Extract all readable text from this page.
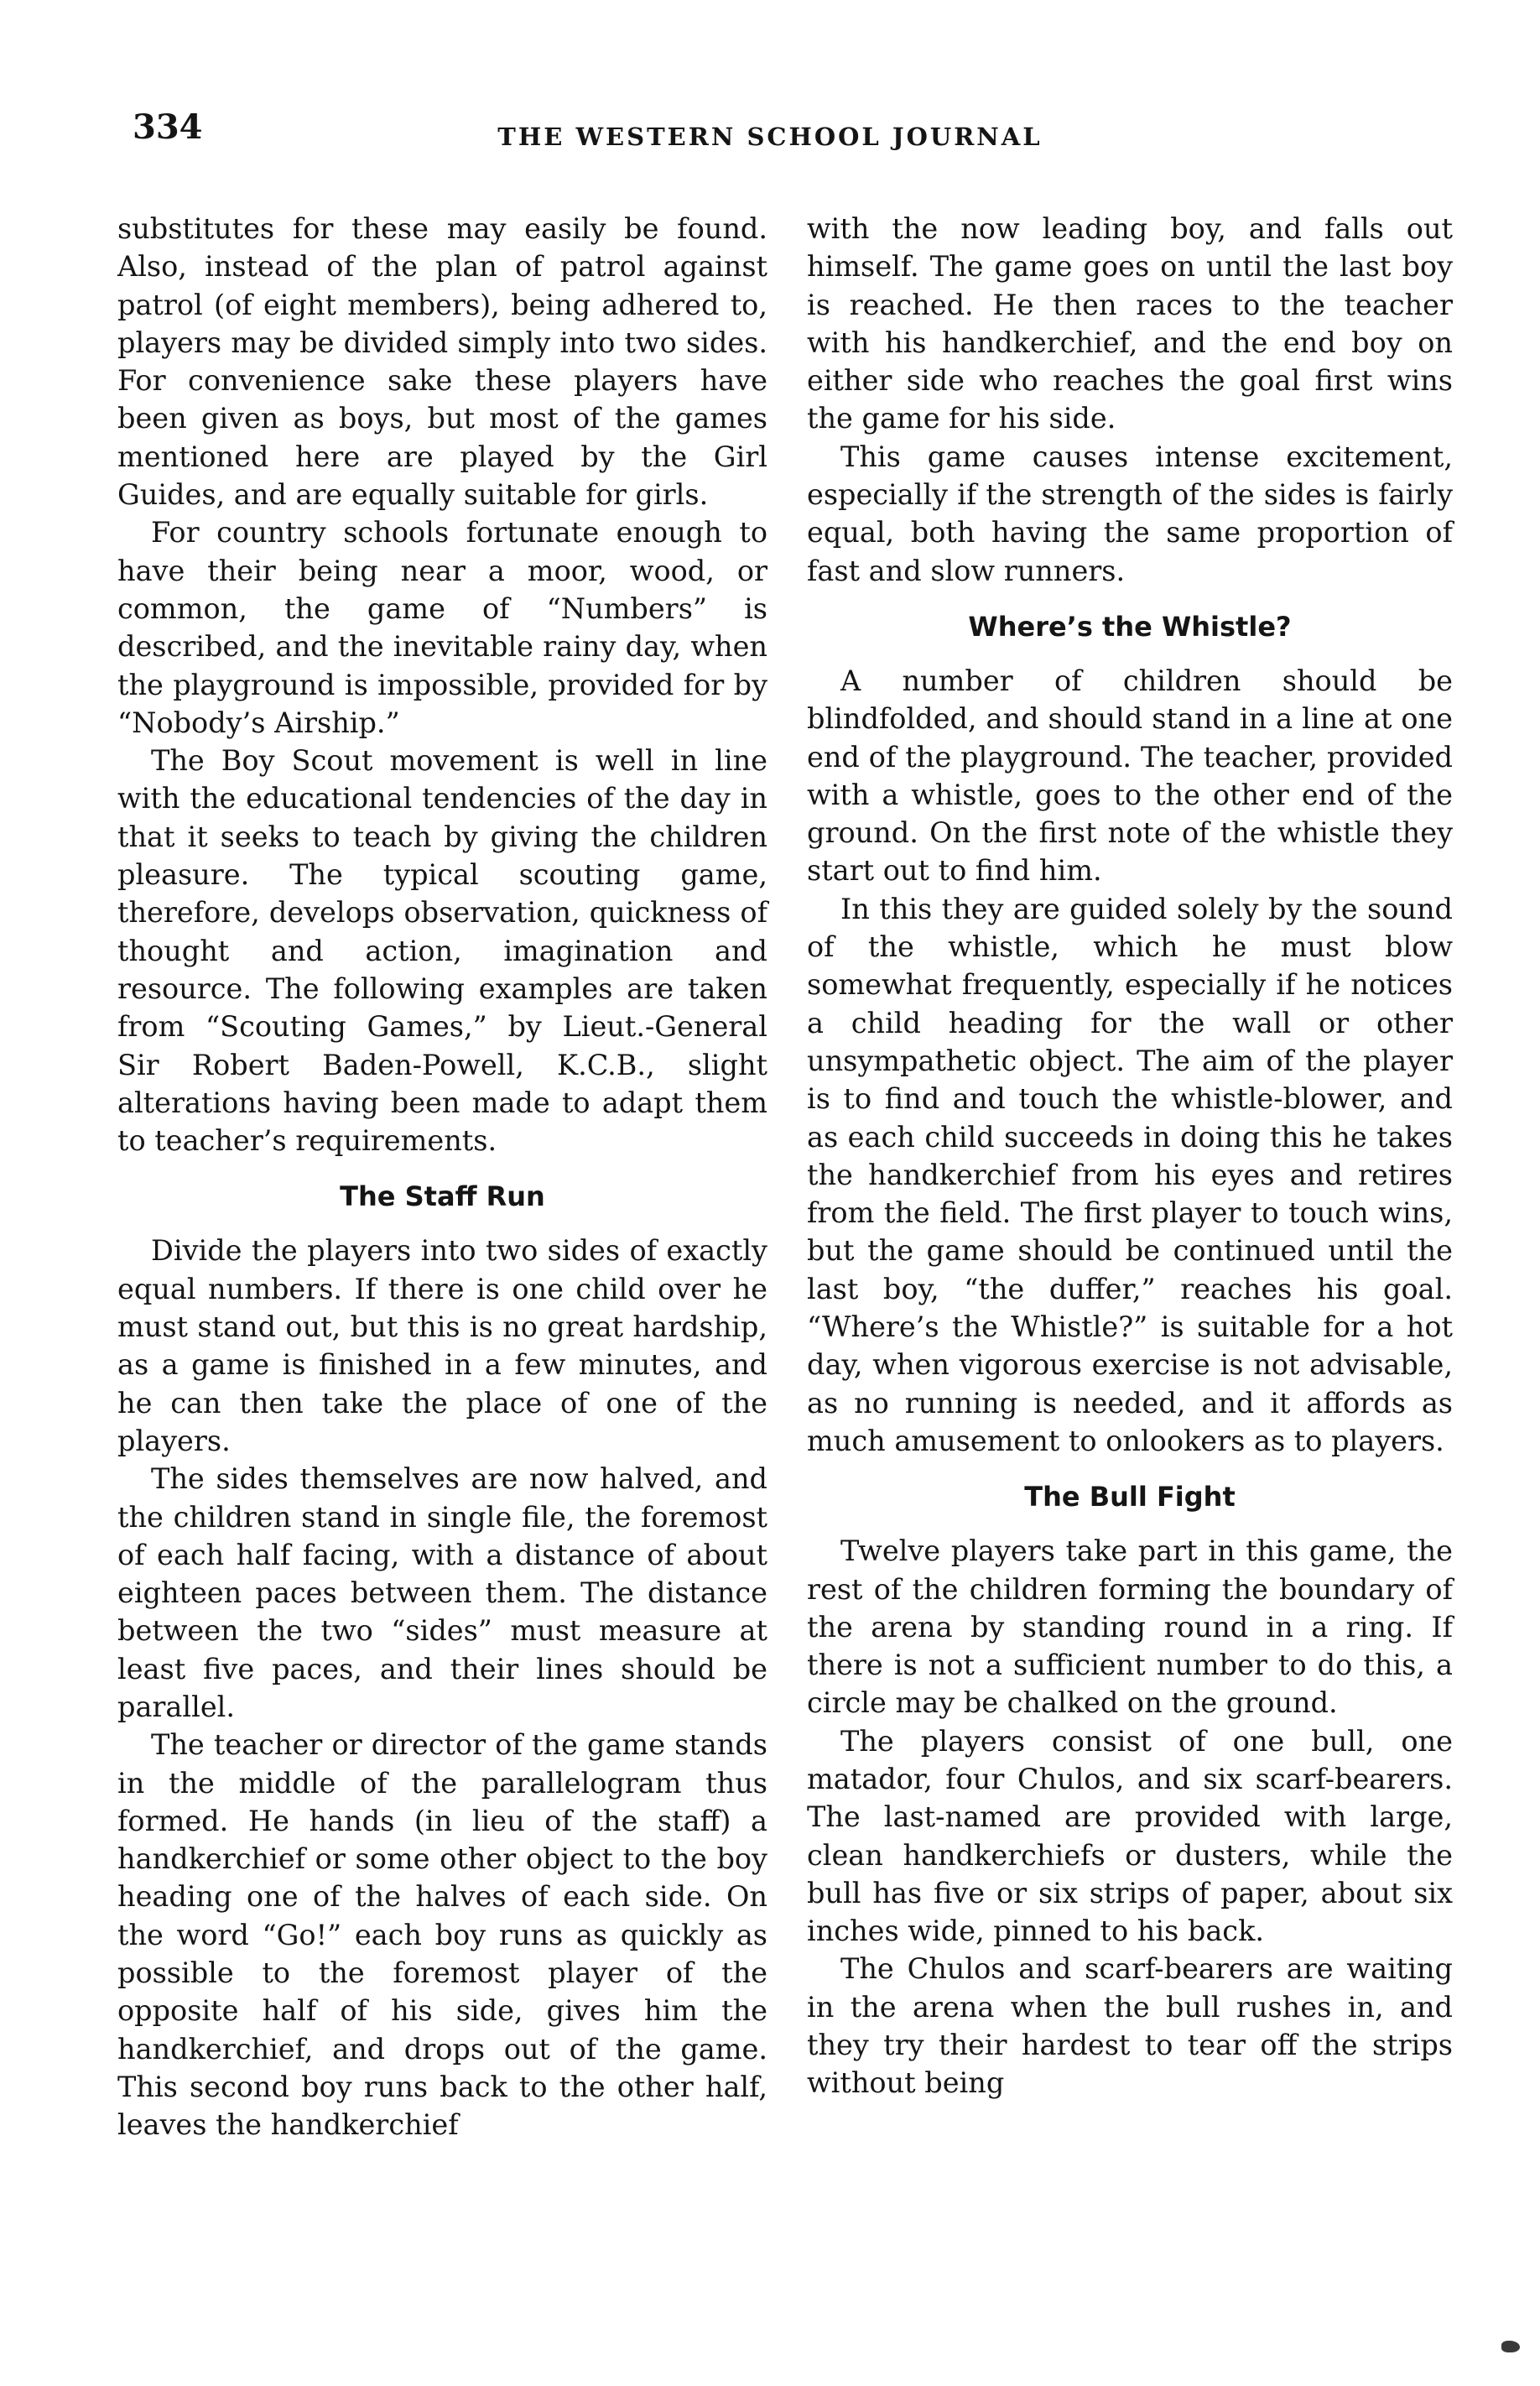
334	THE WESTERN SCHOOL JOURNAL

substitutes for these may easily be found. Also, instead of the plan of patrol against patrol (of eight members), being adhered to, players may be divided simply into two sides. For convenience sake these players have been given as boys, but most of the games mentioned here are played by the Girl Guides, and are equally suitable for girls.

For country schools fortunate enough to have their being near a moor, wood, or common, the game of “Numbers” is described, and the inevitable rainy day, when the playground is impossible, provided for by “Nobody’s Airship.”

The Boy Scout movement is well in line with the educational tendencies of the day in that it seeks to teach by giving the children pleasure. The typical scouting game, therefore, develops observation, quickness of thought and action, imagination and resource. The following examples are taken from “Scouting Games,” by Lieut.-General Sir Robert Baden-Powell, K.C.B., slight alterations having been made to adapt them to teacher’s requirements.

The Staff Run

Divide the players into two sides of exactly equal numbers. If there is one child over he must stand out, but this is no great hardship, as a game is finished in a few minutes, and he can then take the place of one of the players.

The sides themselves are now halved, and the children stand in single file, the foremost of each half facing, with a distance of about eighteen paces between them. The distance between the two “sides” must measure at least five paces, and their lines should be parallel.

The teacher or director of the game stands in the middle of the parallelogram thus formed. He hands (in lieu of the staff) a handkerchief or some other object to the boy heading one of the halves of each side. On the word “Go!” each boy runs as quickly as possible to the foremost player of the opposite half of his side, gives him the handkerchief, and drops out of the game. This second boy runs back to the other half, leaves the handkerchief

with the now leading boy, and falls out himself. The game goes on until the last boy is reached. He then races to the teacher with his handkerchief, and the end boy on either side who reaches the goal first wins the game for his side.

This game causes intense excitement, especially if the strength of the sides is fairly equal, both having the same proportion of fast and slow runners.

Where’s the Whistle?

A number of children should be blindfolded, and should stand in a line at one end of the playground. The teacher, provided with a whistle, goes to the other end of the ground. On the first note of the whistle they start out to find him.

In this they are guided solely by the sound of the whistle, which he must blow somewhat frequently, especially if he notices a child heading for the wall or other unsympathetic object. The aim of the player is to find and touch the whistle-blower, and as each child succeeds in doing this he takes the handkerchief from his eyes and retires from the field. The first player to touch wins, but the game should be continued until the last boy, “the duffer,” reaches his goal. “Where’s the Whistle?” is suitable for a hot day, when vigorous exercise is not advisable, as no running is needed, and it affords as much amusement to onlookers as to players.

The Bull Fight

Twelve players take part in this game, the rest of the children forming the boundary of the arena by standing round in a ring. If there is not a sufficient number to do this, a circle may be chalked on the ground.

The players consist of one bull, one matador, four Chulos, and six scarf-bearers. The last-named are provided with large, clean handkerchiefs or dusters, while the bull has five or six strips of paper, about six inches wide, pinned to his back.

The Chulos and scarf-bearers are waiting in the arena when the bull rushes in, and they try their hardest to tear off the strips without being
